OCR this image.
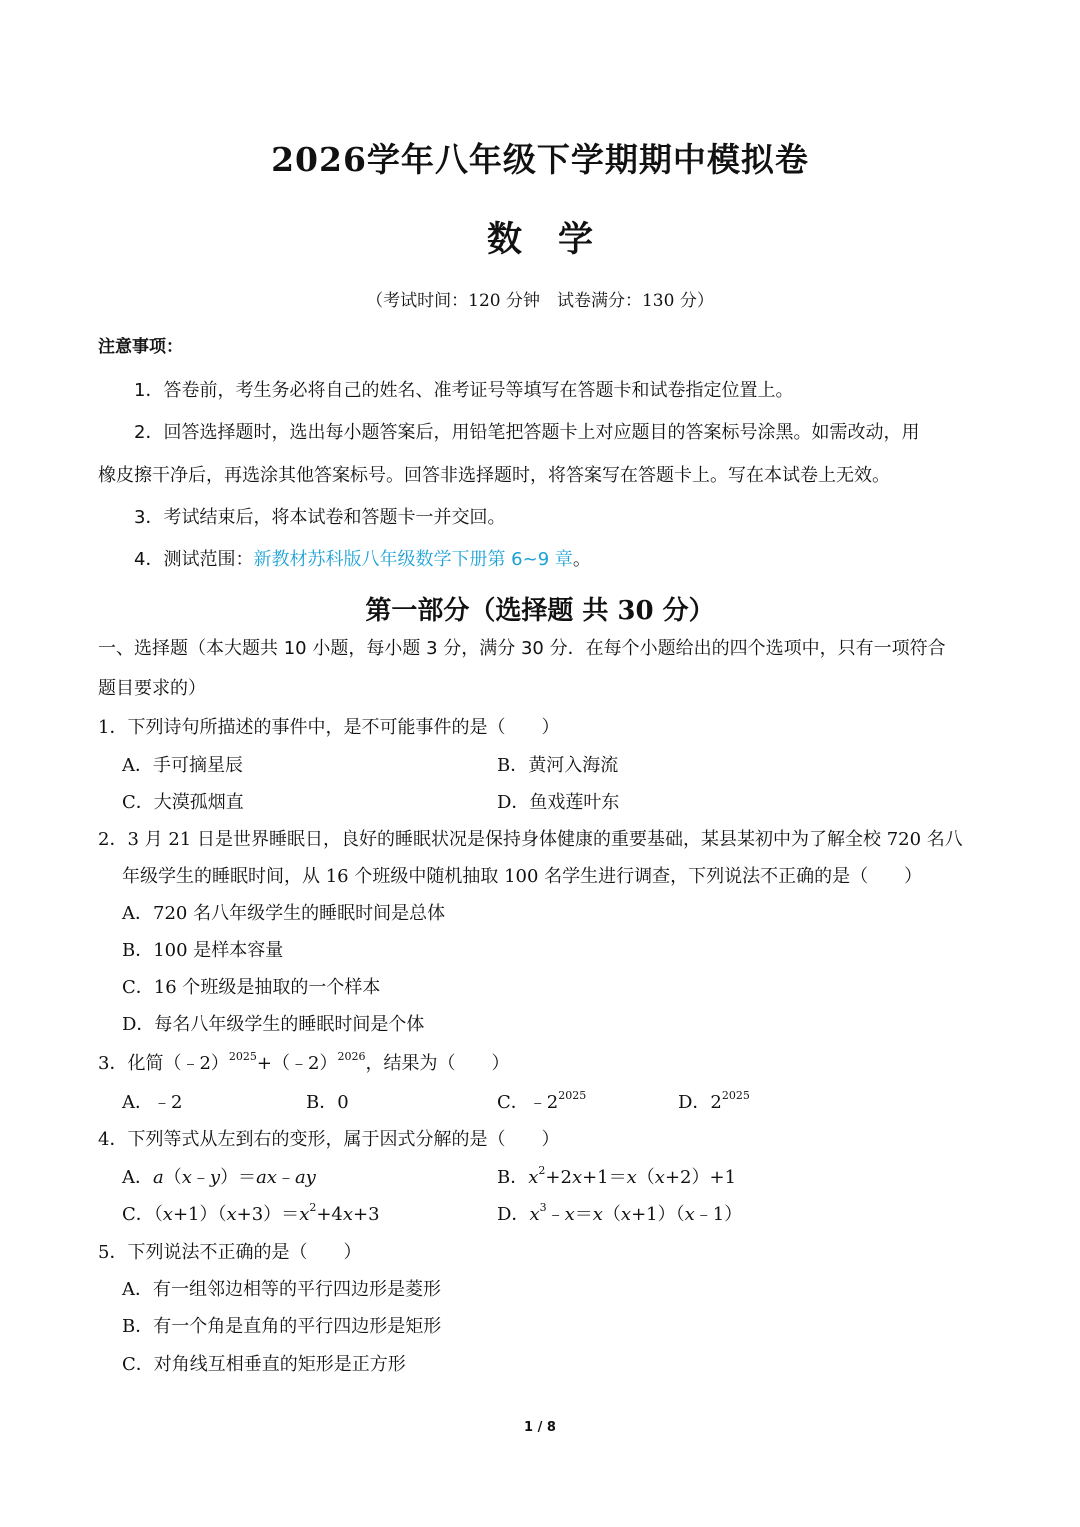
2026学年八年级下学期期中模拟卷
数学
（考试时间：120 分钟　试卷满分：130 分）
注意事项：
1．答卷前，考生务必将自己的姓名、准考证号等填写在答题卡和试卷指定位置上。
2．回答选择题时，选出每小题答案后，用铅笔把答题卡上对应题目的答案标号涂黑。如需改动，用
橡皮擦干净后，再选涂其他答案标号。回答非选择题时，将答案写在答题卡上。写在本试卷上无效。
3．考试结束后，将本试卷和答题卡一并交回。
4．测试范围：新教材苏科版八年级数学下册第 6~9 章。
第一部分（选择题 共 30 分）
一、选择题（本大题共 10 小题，每小题 3 分，满分 30 分．在每个小题给出的四个选项中，只有一项符合
题目要求的）
1．下列诗句所描述的事件中，是不可能事件的是（　　）
A．手可摘星辰	B．黄河入海流
C．大漠孤烟直	D．鱼戏莲叶东
2．3 月 21 日是世界睡眠日，良好的睡眠状况是保持身体健康的重要基础，某县某初中为了解全校 720 名八
年级学生的睡眠时间，从 16 个班级中随机抽取 100 名学生进行调查，下列说法不正确的是（　　）
A．720 名八年级学生的睡眠时间是总体
B．100 是样本容量
C．16 个班级是抽取的一个样本
D．每名八年级学生的睡眠时间是个体
3．化简（﹣2）$^{2025}$+（﹣2）$^{2026}$，结果为（　　）
A．﹣2	B．0	C．$﹣2^{2025}$	D．$2^{2025}$
4．下列等式从左到右的变形，属于因式分解的是（　　）
A．a（x﹣y）＝ax﹣ay	B．$x^2+2x+1=x(x+2)+1$
C．$(x+1)(x+3)=x^2+4x+3$	D．$x^3﹣x=x(x+1)(x﹣1)$
5．下列说法不正确的是（　　）
A．有一组邻边相等的平行四边形是菱形
B．有一个角是直角的平行四边形是矩形
C．对角线互相垂直的矩形是正方形
1 / 8
